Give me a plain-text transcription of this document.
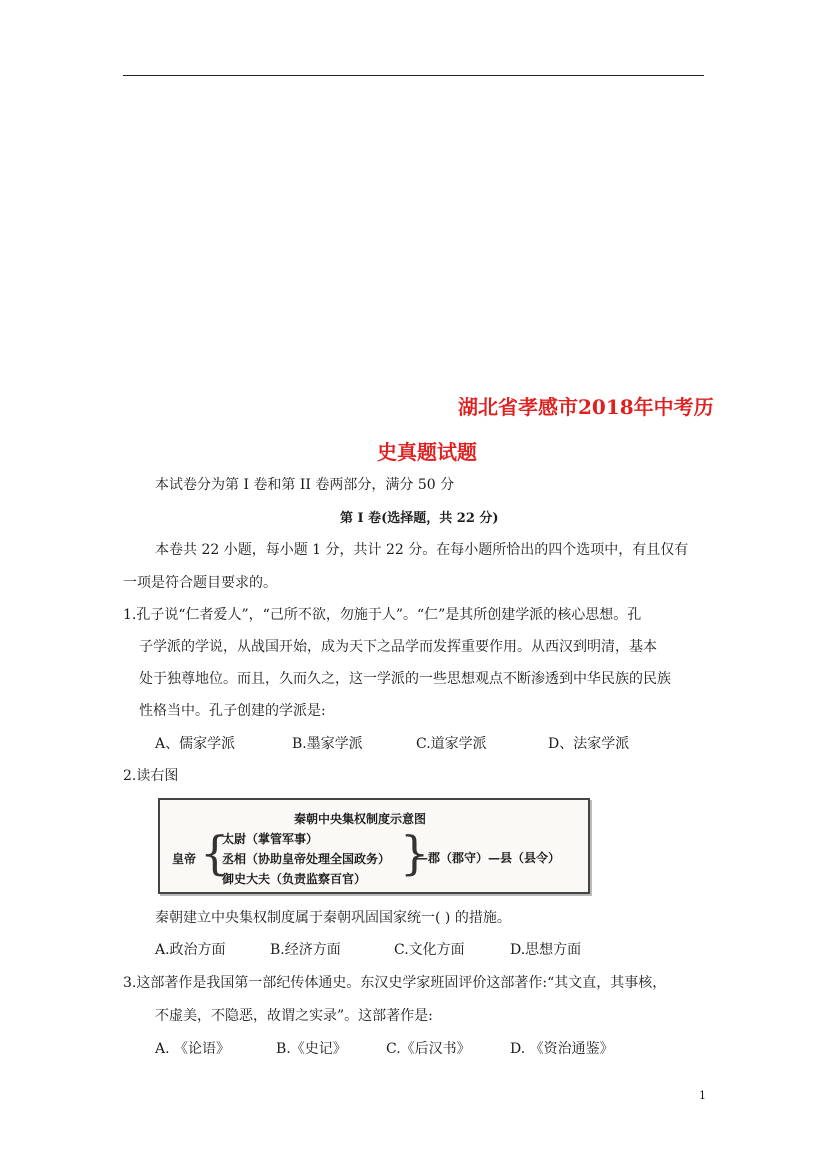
湖北省孝感市2018年中考历
史真题试题
本试卷分为第 I 卷和第 II 卷两部分，满分 50 分
第 I 卷(选择题，共 22 分)
本卷共 22 小题，每小题 1 分，共计 22 分。在每小题所恰出的四个选项中，有且仅有
一项是符合题目要求的。
1.孔子说“仁者爱人”，“己所不欲，勿施于人”。“仁”是其所创建学派的核心思想。孔
子学派的学说，从战国开始，成为天下之品学而发挥重要作用。从西汉到明清，基本
处于独尊地位。而且，久而久之，这一学派的一些思想观点不断渗透到中华民族的民族
性格当中。孔子创建的学派是:
A、儒家学派	B.墨家学派	C.道家学派	D、法家学派
2.读右图
秦朝中央集权制度示意图
皇帝 {
太尉（掌管军事）
丞相（协助皇帝处理全国政务）
御史大夫（负责监察百官） }
—郡（郡守）—县（县令）
秦朝建立中央集权制度属于秦朝巩固国家统一( ) 的措施。
A.政治方面	B.经济方面	C.文化方面	D.思想方面
3.这部著作是我国第一部纪传体通史。东汉史学家班固评价这部著作:“其文直，其事核，
不虚美，不隐恶，故谓之实录”。这部著作是:
A. 《论语》	B.《史记》	C.《后汉书》	D. 《资治通鉴》
1
